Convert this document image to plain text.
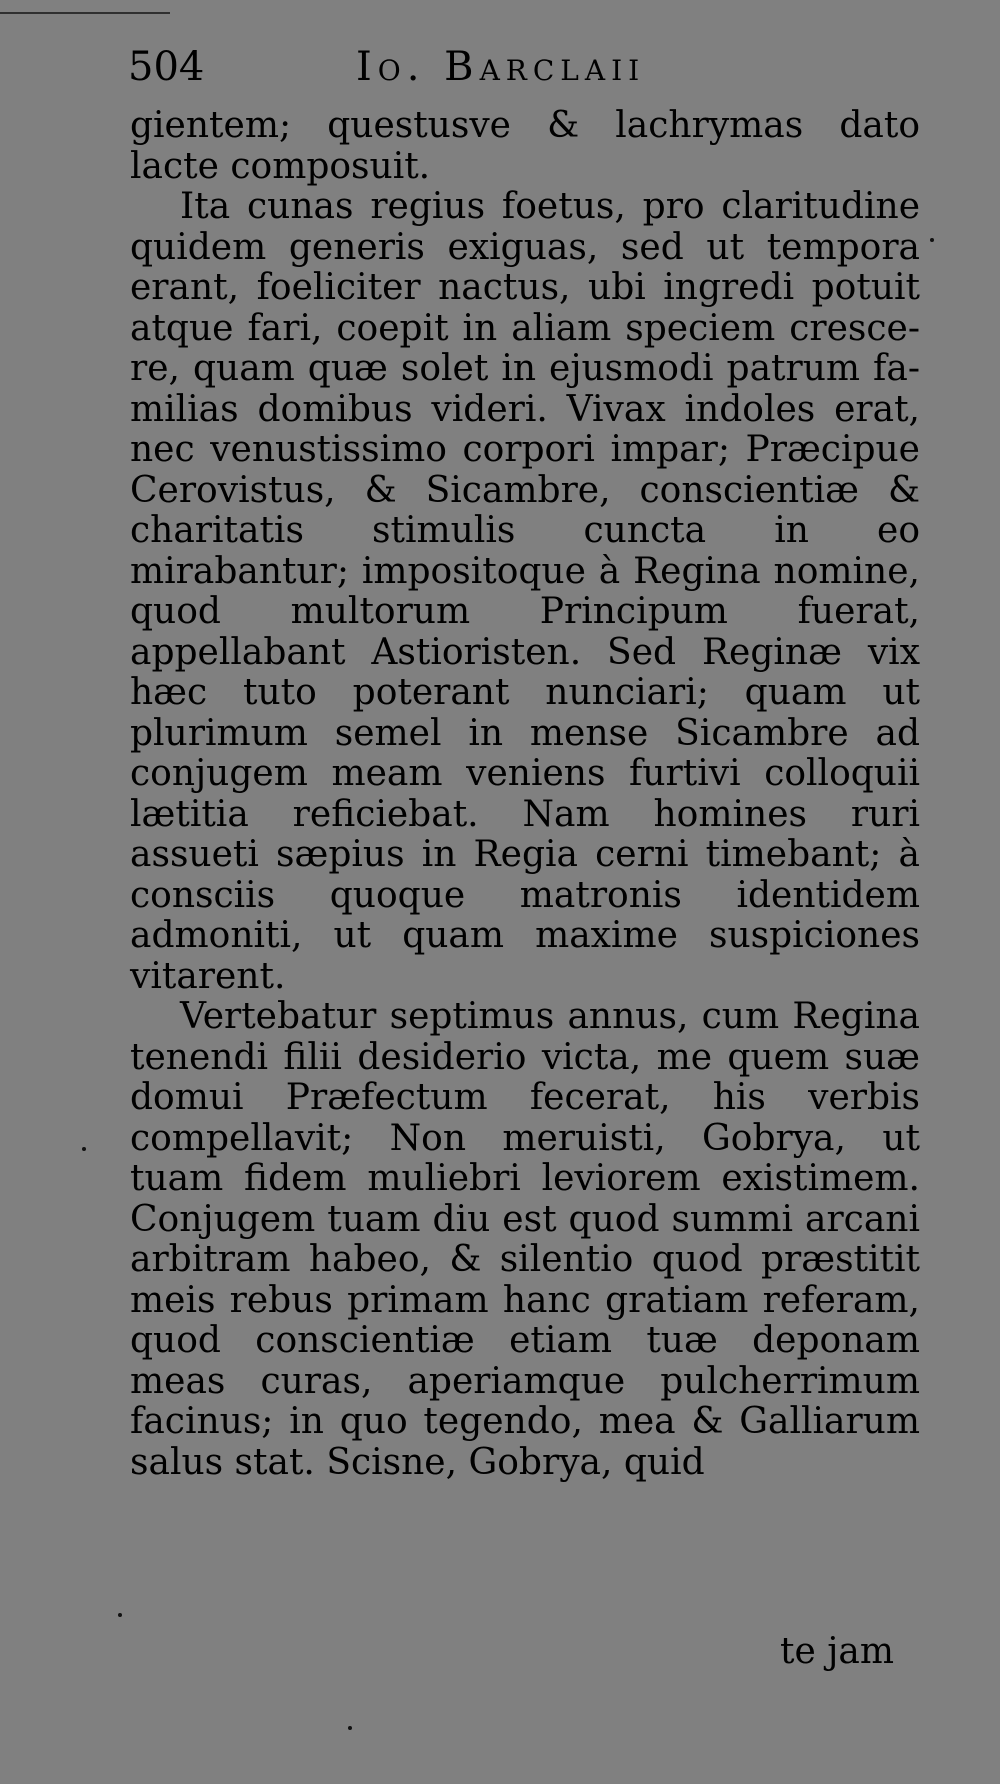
504	Io. Barclaii

gientem; questusve & lachrymas dato lacte composuit.

Ita cunas regius foetus, pro claritudine quidem generis exiguas, sed ut tempora erant, foeliciter nactus, ubi ingredi potuit atque fari, coepit in aliam speciem cresce- re, quam quæ solet in ejusmodi patrum fa- milias domibus videri. Vivax indoles erat, nec venustissimo corpori impar; Præcipue Cerovistus, & Sicambre, conscientiæ & charitatis stimulis cuncta in eo mirabantur; impositoque à Regina nomine, quod multorum Principum fuerat, appellabant Astioristen. Sed Reginæ vix hæc tuto poterant nunciari; quam ut plurimum semel in mense Sicambre ad conjugem meam veniens furtivi colloquii lætitia reficiebat. Nam homines ruri assueti sæpius in Regia cerni timebant; à consciis quoque matronis identidem admoniti, ut quam maxime suspiciones vitarent.

Vertebatur septimus annus, cum Regina tenendi filii desiderio victa, me quem suæ domui Præfectum fecerat, his verbis compellavit; Non meruisti, Gobrya, ut tuam fidem muliebri leviorem existimem. Conjugem tuam diu est quod summi arcani arbitram habeo, & silentio quod præstitit meis rebus primam hanc gratiam referam, quod conscientiæ etiam tuæ deponam meas curas, aperiamque pulcherrimum facinus; in quo tegendo, mea & Galliarum salus stat. Scisne, Gobrya, quid

te jam
